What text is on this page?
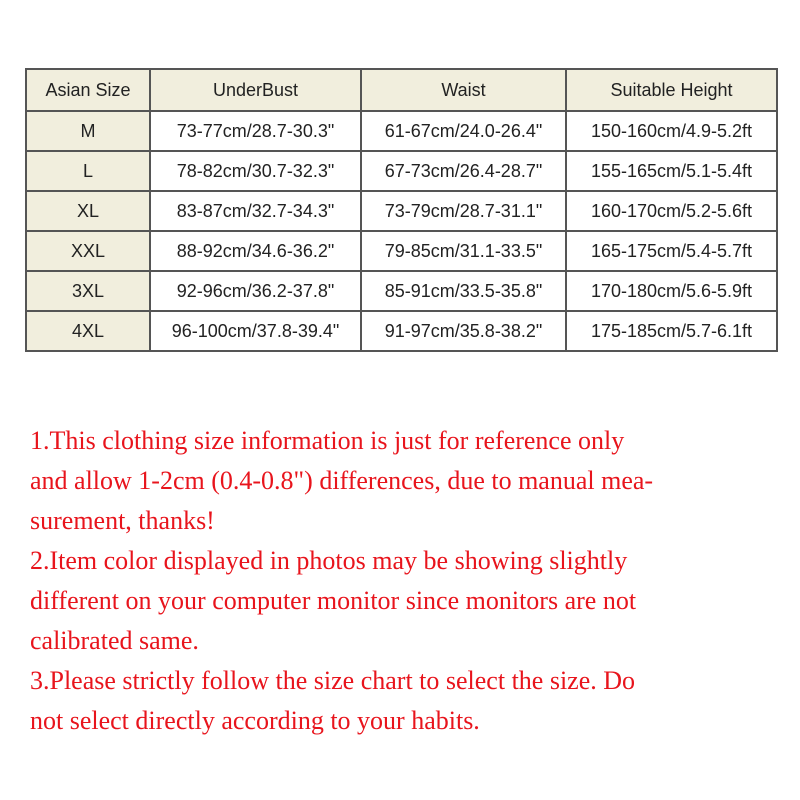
Asian Size	UnderBust	Waist	Suitable Height
M	73-77cm/28.7-30.3"	61-67cm/24.0-26.4"	150-160cm/4.9-5.2ft
L	78-82cm/30.7-32.3"	67-73cm/26.4-28.7"	155-165cm/5.1-5.4ft
XL	83-87cm/32.7-34.3"	73-79cm/28.7-31.1"	160-170cm/5.2-5.6ft
XXL	88-92cm/34.6-36.2"	79-85cm/31.1-33.5"	165-175cm/5.4-5.7ft
3XL	92-96cm/36.2-37.8"	85-91cm/33.5-35.8"	170-180cm/5.6-5.9ft
4XL	96-100cm/37.8-39.4"	91-97cm/35.8-38.2"	175-185cm/5.7-6.1ft
1.This clothing size information is just for reference only
and allow 1-2cm (0.4-0.8") differences, due to manual mea-
surement, thanks!
2.Item color displayed in photos may be showing slightly
different on your computer monitor since monitors are not
calibrated same.
3.Please strictly follow the size chart to select the size. Do
not select directly according to your habits.
